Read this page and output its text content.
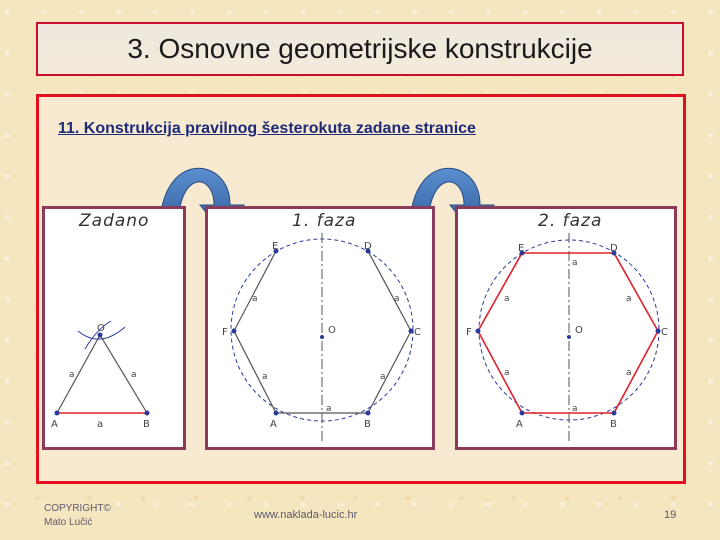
3. Osnovne geometrijske konstrukcije
11. Konstrukcija pravilnog šesterokuta zadane stranice
Zadano
A	B
O
a
a	a
1. faza
A	B
C
D
E
F	O
a
a	a
a	a
2. faza
A	B
C
D
E
F	O
a
a
a	a
a	a
COPYRIGHT©
Mato Lučić
www.naklada-lucic.hr	19
